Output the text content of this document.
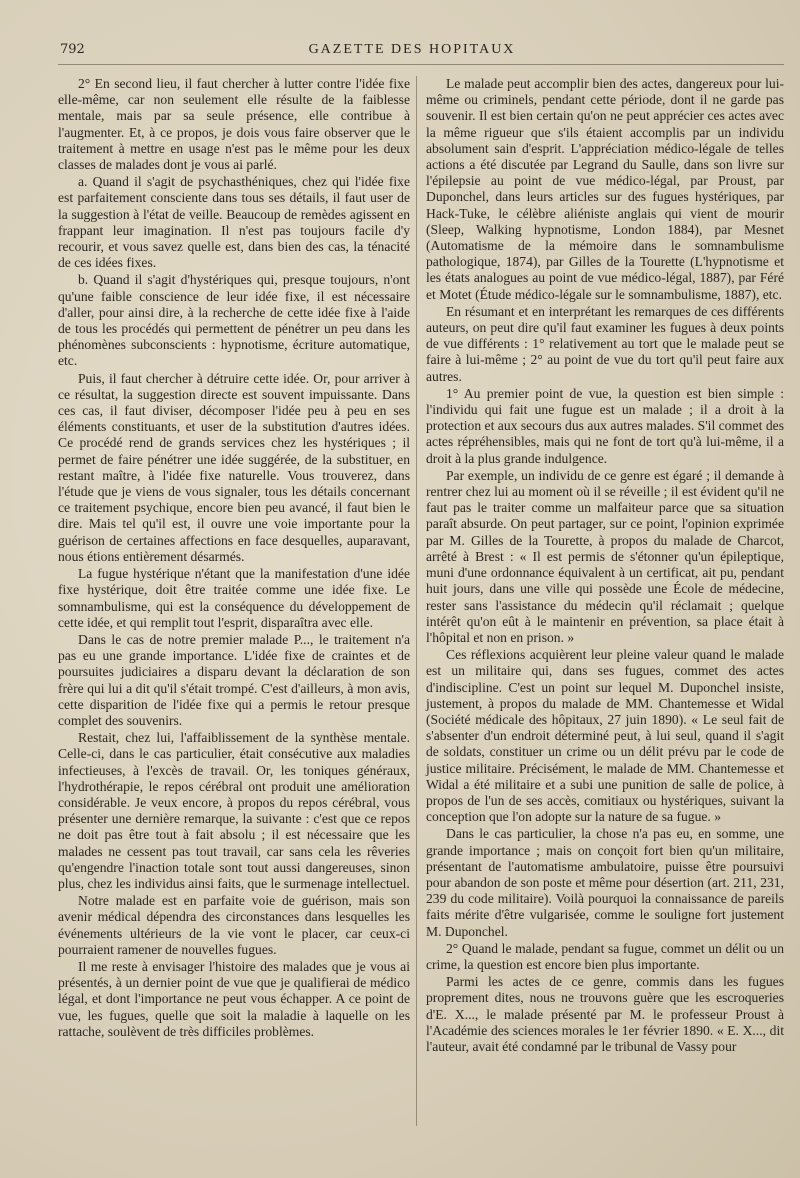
792	GAZETTE DES HOPITAUX

2° En second lieu, il faut chercher à lutter contre l'idée fixe elle-même, car non seulement elle résulte de la faiblesse mentale, mais par sa seule présence, elle contribue à l'augmenter. Et, à ce propos, je dois vous faire observer que le traitement à mettre en usage n'est pas le même pour les deux classes de malades dont je vous ai parlé.

a. Quand il s'agit de psychasthéniques, chez qui l'idée fixe est parfaitement consciente dans tous ses détails, il faut user de la suggestion à l'état de veille. Beaucoup de remèdes agissent en frappant leur imagination. Il n'est pas toujours facile d'y recourir, et vous savez quelle est, dans bien des cas, la ténacité de ces idées fixes.

b. Quand il s'agit d'hystériques qui, presque toujours, n'ont qu'une faible conscience de leur idée fixe, il est nécessaire d'aller, pour ainsi dire, à la recherche de cette idée fixe à l'aide de tous les procédés qui permettent de pénétrer un peu dans les phénomènes subconscients : hypnotisme, écriture automatique, etc.

Puis, il faut chercher à détruire cette idée. Or, pour arriver à ce résultat, la suggestion directe est souvent impuissante. Dans ces cas, il faut diviser, décomposer l'idée peu à peu en ses éléments constituants, et user de la substitution d'autres idées. Ce procédé rend de grands services chez les hystériques ; il permet de faire pénétrer une idée suggérée, de la substituer, en restant maître, à l'idée fixe naturelle. Vous trouverez, dans l'étude que je viens de vous signaler, tous les détails concernant ce traitement psychique, encore bien peu avancé, il faut bien le dire. Mais tel qu'il est, il ouvre une voie importante pour la guérison de certaines affections en face desquelles, auparavant, nous étions entièrement désarmés.

La fugue hystérique n'étant que la manifestation d'une idée fixe hystérique, doit être traitée comme une idée fixe. Le somnambulisme, qui est la conséquence du développement de cette idée, et qui remplit tout l'esprit, disparaîtra avec elle.

Dans le cas de notre premier malade P..., le traitement n'a pas eu une grande importance. L'idée fixe de craintes et de poursuites judiciaires a disparu devant la déclaration de son frère qui lui a dit qu'il s'était trompé. C'est d'ailleurs, à mon avis, cette disparition de l'idée fixe qui a permis le retour presque complet des souvenirs.

Restait, chez lui, l'affaiblissement de la synthèse mentale. Celle-ci, dans le cas particulier, était consécutive aux maladies infectieuses, à l'excès de travail. Or, les toniques généraux, l'hydrothérapie, le repos cérébral ont produit une amélioration considérable. Je veux encore, à propos du repos cérébral, vous présenter une dernière remarque, la suivante : c'est que ce repos ne doit pas être tout à fait absolu ; il est nécessaire que les malades ne cessent pas tout travail, car sans cela les rêveries qu'engendre l'inaction totale sont tout aussi dangereuses, sinon plus, chez les individus ainsi faits, que le surmenage intellectuel.

Notre malade est en parfaite voie de guérison, mais son avenir médical dépendra des circonstances dans lesquelles les événements ultérieurs de la vie vont le placer, car ceux-ci pourraient ramener de nouvelles fugues.

Il me reste à envisager l'histoire des malades que je vous ai présentés, à un dernier point de vue que je qualifierai de médico légal, et dont l'importance ne peut vous échapper. A ce point de vue, les fugues, quelle que soit la maladie à laquelle on les rattache, soulèvent de très difficiles problèmes.

Le malade peut accomplir bien des actes, dangereux pour lui-même ou criminels, pendant cette période, dont il ne garde pas souvenir. Il est bien certain qu'on ne peut apprécier ces actes avec la même rigueur que s'ils étaient accomplis par un individu absolument sain d'esprit. L'appréciation médico-légale de telles actions a été discutée par Legrand du Saulle, dans son livre sur l'épilepsie au point de vue médico-légal, par Proust, par Duponchel, dans leurs articles sur des fugues hystériques, par Hack-Tuke, le célèbre aliéniste anglais qui vient de mourir (Sleep, Walking hypnotisme, London 1884), par Mesnet (Automatisme de la mémoire dans le somnambulisme pathologique, 1874), par Gilles de la Tourette (L'hypnotisme et les états analogues au point de vue médico-légal, 1887), par Féré et Motet (Étude médico-légale sur le somnambulisme, 1887), etc.

En résumant et en interprétant les remarques de ces différents auteurs, on peut dire qu'il faut examiner les fugues à deux points de vue différents : 1° relativement au tort que le malade peut se faire à lui-même ; 2° au point de vue du tort qu'il peut faire aux autres.

1° Au premier point de vue, la question est bien simple : l'individu qui fait une fugue est un malade ; il a droit à la protection et aux secours dus aux autres malades. S'il commet des actes répréhensibles, mais qui ne font de tort qu'à lui-même, il a droit à la plus grande indulgence.

Par exemple, un individu de ce genre est égaré ; il demande à rentrer chez lui au moment où il se réveille ; il est évident qu'il ne faut pas le traiter comme un malfaiteur parce que sa situation paraît absurde. On peut partager, sur ce point, l'opinion exprimée par M. Gilles de la Tourette, à propos du malade de Charcot, arrêté à Brest : « Il est permis de s'étonner qu'un épileptique, muni d'une ordonnance équivalent à un certificat, ait pu, pendant huit jours, dans une ville qui possède une École de médecine, rester sans l'assistance du médecin qu'il réclamait ; quelque intérêt qu'on eût à le maintenir en prévention, sa place était à l'hôpital et non en prison. »

Ces réflexions acquièrent leur pleine valeur quand le malade est un militaire qui, dans ses fugues, commet des actes d'indiscipline. C'est un point sur lequel M. Duponchel insiste, justement, à propos du malade de MM. Chantemesse et Widal (Société médicale des hôpitaux, 27 juin 1890). « Le seul fait de s'absenter d'un endroit déterminé peut, à lui seul, quand il s'agit de soldats, constituer un crime ou un délit prévu par le code de justice militaire. Précisément, le malade de MM. Chantemesse et Widal a été militaire et a subi une punition de salle de police, à propos de l'un de ses accès, comitiaux ou hystériques, suivant la conception que l'on adopte sur la nature de sa fugue. »

Dans le cas particulier, la chose n'a pas eu, en somme, une grande importance ; mais on conçoit fort bien qu'un militaire, présentant de l'automatisme ambulatoire, puisse être poursuivi pour abandon de son poste et même pour désertion (art. 211, 231, 239 du code militaire). Voilà pourquoi la connaissance de pareils faits mérite d'être vulgarisée, comme le souligne fort justement M. Duponchel.

2° Quand le malade, pendant sa fugue, commet un délit ou un crime, la question est encore bien plus importante.

Parmi les actes de ce genre, commis dans les fugues proprement dites, nous ne trouvons guère que les escroqueries d'E. X..., le malade présenté par M. le professeur Proust à l'Académie des sciences morales le 1er février 1890. « E. X..., dit l'auteur, avait été condamné par le tribunal de Vassy pour
